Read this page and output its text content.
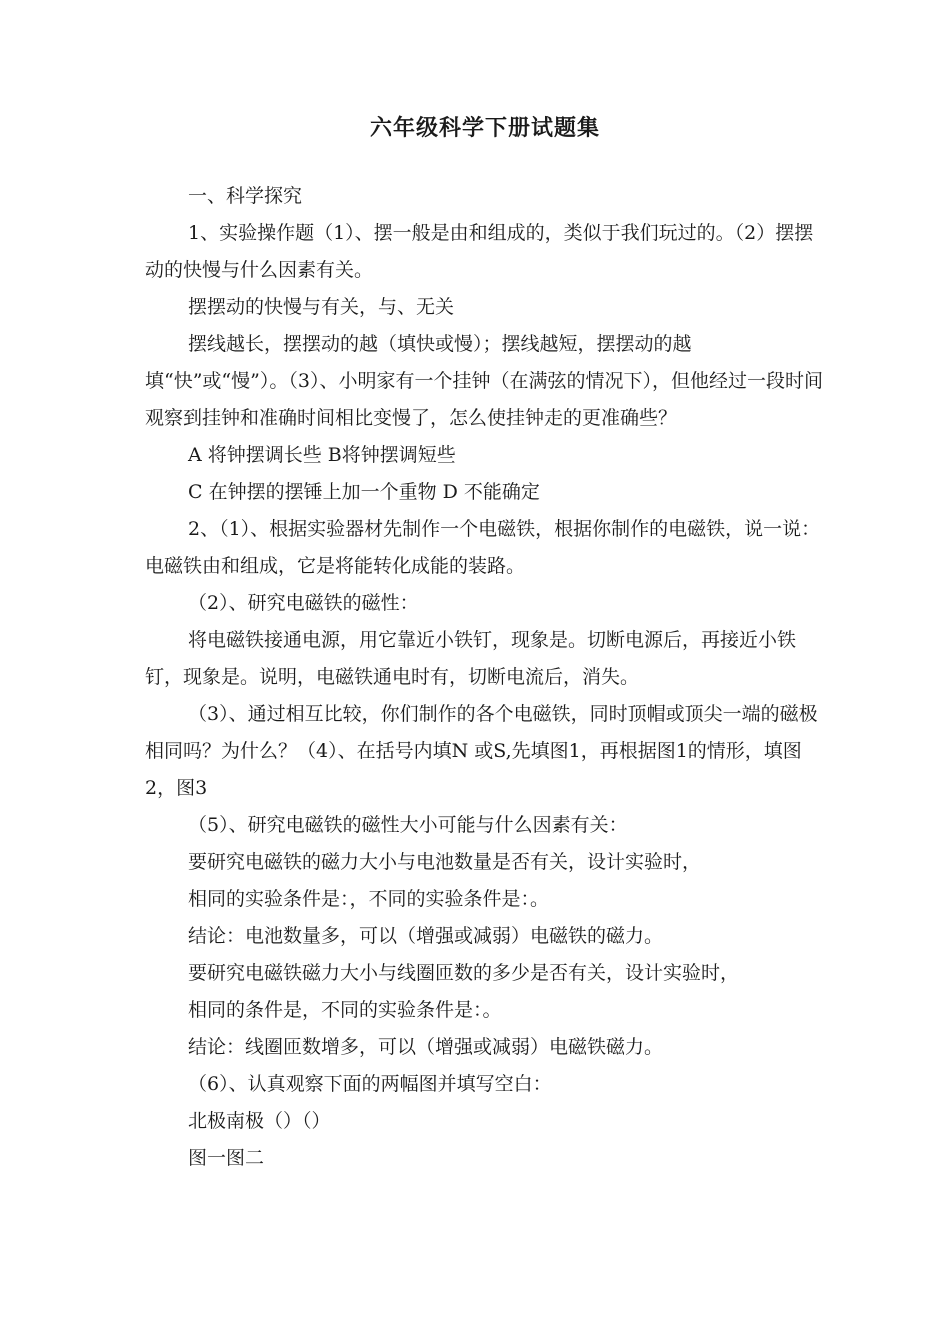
六年级科学下册试题集

一、科学探究

1、实验操作题（1）、摆一般是由和组成的，类似于我们玩过的。（2）摆摆动的快慢与什么因素有关。

摆摆动的快慢与有关，与、无关

摆线越长，摆摆动的越（填快或慢）；摆线越短，摆摆动的越填“快”或“慢”）。（3）、小明家有一个挂钟（在满弦的情况下），但他经过一段时间观察到挂钟和准确时间相比变慢了，怎么使挂钟走的更准确些？

A 将钟摆调长些 B将钟摆调短些

C 在钟摆的摆锤上加一个重物 D 不能确定

2、（1）、根据实验器材先制作一个电磁铁，根据你制作的电磁铁，说一说：电磁铁由和组成，它是将能转化成能的装路。

（2）、研究电磁铁的磁性：

将电磁铁接通电源，用它靠近小铁钉，现象是。切断电源后，再接近小铁钉，现象是。说明，电磁铁通电时有，切断电流后，消失。

（3）、通过相互比较，你们制作的各个电磁铁，同时顶帽或顶尖一端的磁极相同吗？为什么？（4）、在括号内填N 或S,先填图1，再根据图1的情形，填图2，图3

（5）、研究电磁铁的磁性大小可能与什么因素有关：

要研究电磁铁的磁力大小与电池数量是否有关，设计实验时，

相同的实验条件是：，不同的实验条件是：。

结论：电池数量多，可以（增强或减弱）电磁铁的磁力。

要研究电磁铁磁力大小与线圈匝数的多少是否有关，设计实验时，

相同的条件是，不同的实验条件是：。

结论：线圈匝数增多，可以（增强或减弱）电磁铁磁力。

（6）、认真观察下面的两幅图并填写空白：

北极南极（）（）

图一图二
